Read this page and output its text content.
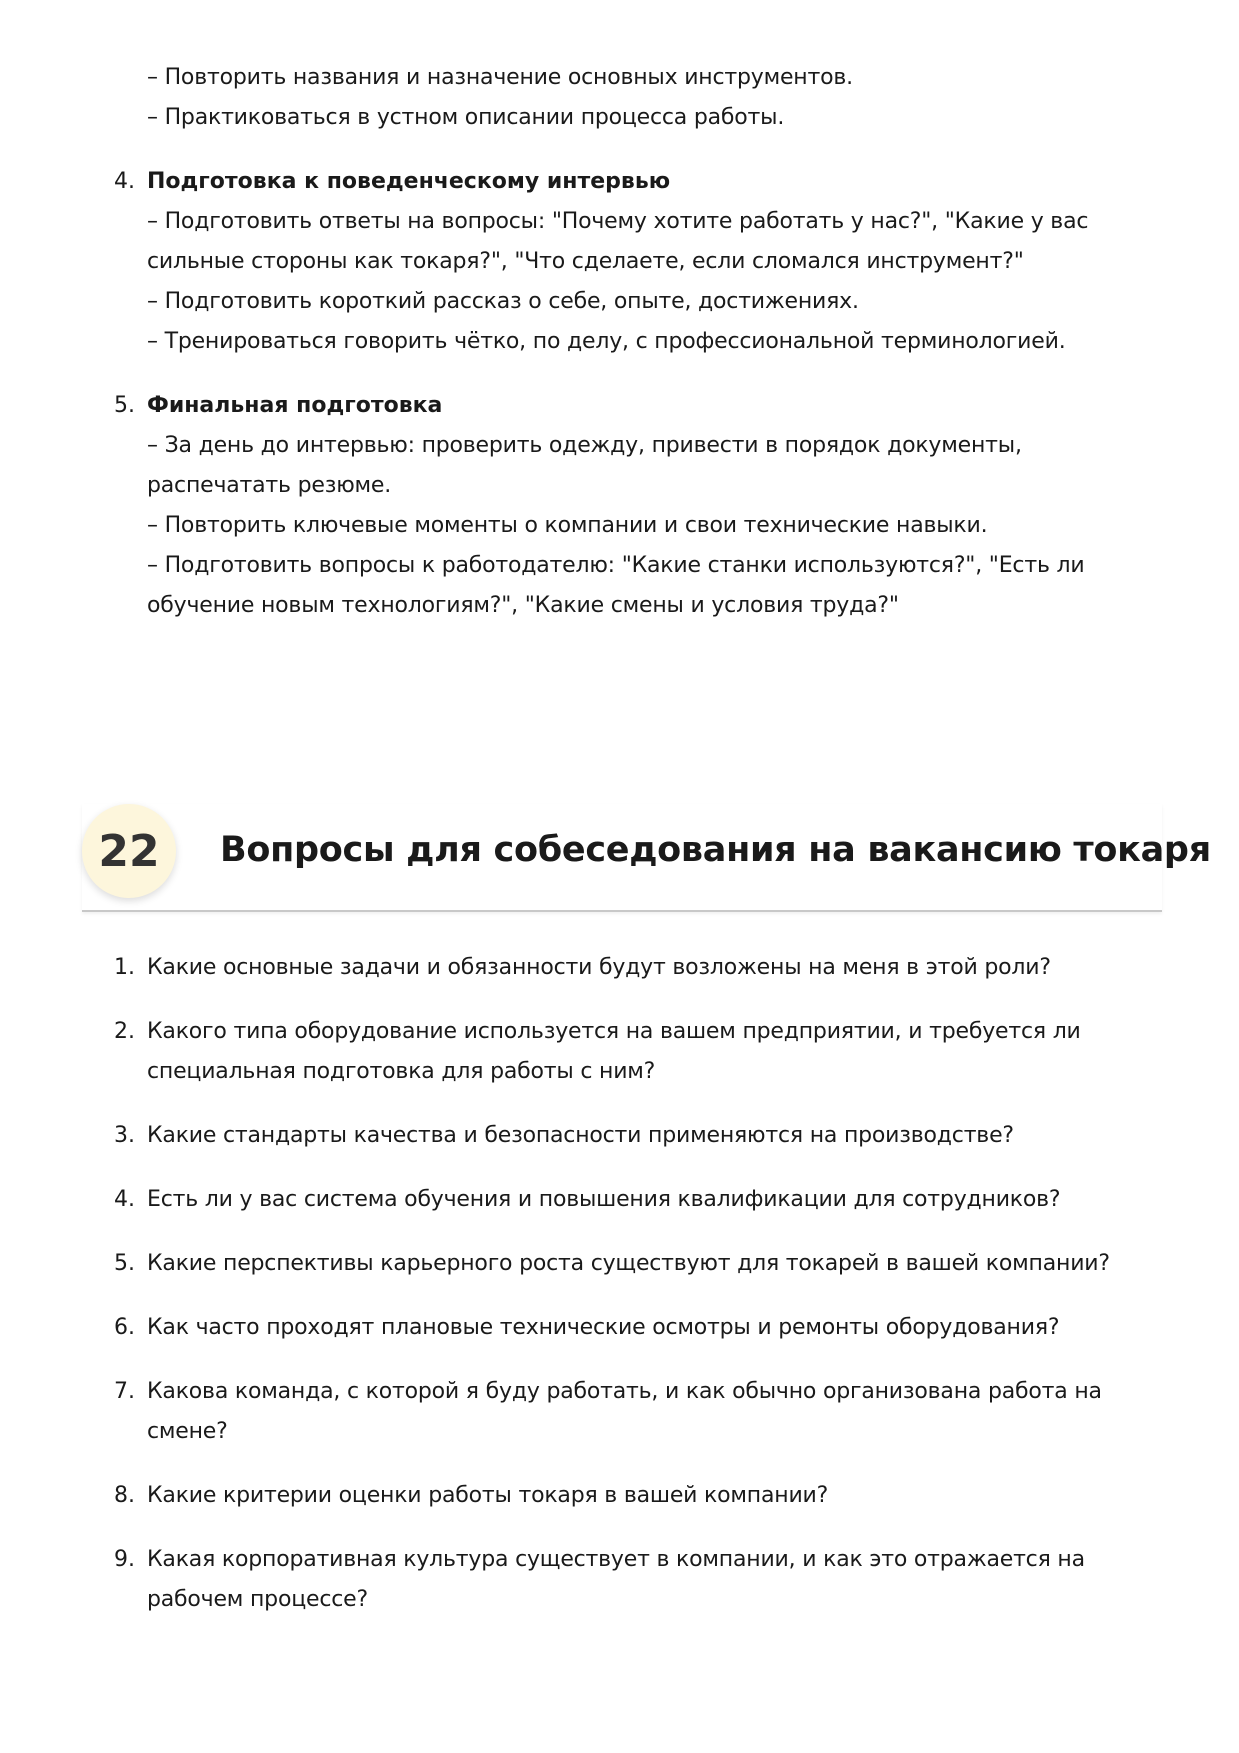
– Повторить названия и назначение основных инструментов.
– Практиковаться в устном описании процесса работы.
4. Подготовка к поведенческому интервью
– Подготовить ответы на вопросы: "Почему хотите работать у нас?", "Какие у вас
сильные стороны как токаря?", "Что сделаете, если сломался инструмент?"
– Подготовить короткий рассказ о себе, опыте, достижениях.
– Тренироваться говорить чётко, по делу, с профессиональной терминологией.
5. Финальная подготовка
– За день до интервью: проверить одежду, привести в порядок документы,
распечатать резюме.
– Повторить ключевые моменты о компании и свои технические навыки.
– Подготовить вопросы к работодателю: "Какие станки используются?", "Есть ли
обучение новым технологиям?", "Какие смены и условия труда?"
22	Вопросы для собеседования на вакансию токаря
1. Какие основные задачи и обязанности будут возложены на меня в этой роли?
2. Какого типа оборудование используется на вашем предприятии, и требуется ли
специальная подготовка для работы с ним?
3. Какие стандарты качества и безопасности применяются на производстве?
4. Есть ли у вас система обучения и повышения квалификации для сотрудников?
5. Какие перспективы карьерного роста существуют для токарей в вашей компании?
6. Как часто проходят плановые технические осмотры и ремонты оборудования?
7. Какова команда, с которой я буду работать, и как обычно организована работа на
смене?
8. Какие критерии оценки работы токаря в вашей компании?
9. Какая корпоративная культура существует в компании, и как это отражается на
рабочем процессе?
